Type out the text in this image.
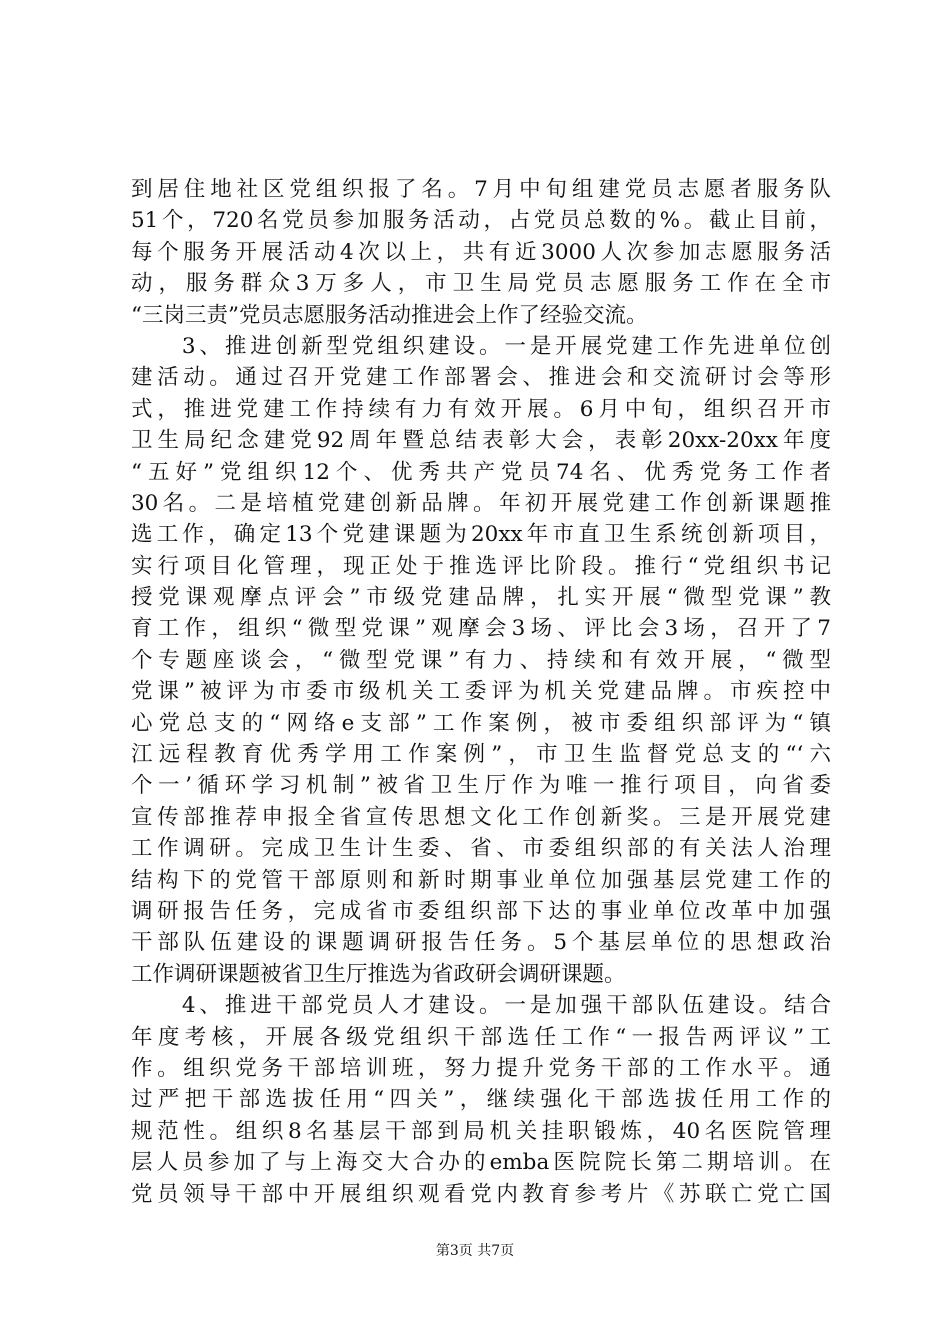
到居住地社区党组织报了名。7月中旬组建党员志愿者服务队
51个，720名党员参加服务活动，占党员总数的%。截止目前，
每个服务开展活动4次以上，共有近3000人次参加志愿服务活
动，服务群众3万多人，市卫生局党员志愿服务工作在全市
“三岗三责”党员志愿服务活动推进会上作了经验交流。
　　3、推进创新型党组织建设。一是开展党建工作先进单位创
建活动。通过召开党建工作部署会、推进会和交流研讨会等形
式，推进党建工作持续有力有效开展。6月中旬，组织召开市
卫生局纪念建党92周年暨总结表彰大会，表彰20xx-20xx年度
“五好”党组织12个、优秀共产党员74名、优秀党务工作者
30名。二是培植党建创新品牌。年初开展党建工作创新课题推
选工作，确定13个党建课题为20xx年市直卫生系统创新项目，
实行项目化管理，现正处于推选评比阶段。推行“党组织书记
授党课观摩点评会”市级党建品牌，扎实开展“微型党课”教
育工作，组织“微型党课”观摩会3场、评比会3场，召开了7
个专题座谈会，“微型党课”有力、持续和有效开展，“微型
党课”被评为市委市级机关工委评为机关党建品牌。市疾控中
心党总支的“网络e支部”工作案例，被市委组织部评为“镇
江远程教育优秀学用工作案例”，市卫生监督党总支的“‘六
个一’循环学习机制”被省卫生厅作为唯一推行项目，向省委
宣传部推荐申报全省宣传思想文化工作创新奖。三是开展党建
工作调研。完成卫生计生委、省、市委组织部的有关法人治理
结构下的党管干部原则和新时期事业单位加强基层党建工作的
调研报告任务，完成省市委组织部下达的事业单位改革中加强
干部队伍建设的课题调研报告任务。5个基层单位的思想政治
工作调研课题被省卫生厅推选为省政研会调研课题。
　　4、推进干部党员人才建设。一是加强干部队伍建设。结合
年度考核，开展各级党组织干部选任工作“一报告两评议”工
作。组织党务干部培训班，努力提升党务干部的工作水平。通
过严把干部选拔任用“四关”，继续强化干部选拔任用工作的
规范性。组织8名基层干部到局机关挂职锻炼，40名医院管理
层人员参加了与上海交大合办的emba医院院长第二期培训。在
党员领导干部中开展组织观看党内教育参考片《苏联亡党亡国
第3页 共7页
